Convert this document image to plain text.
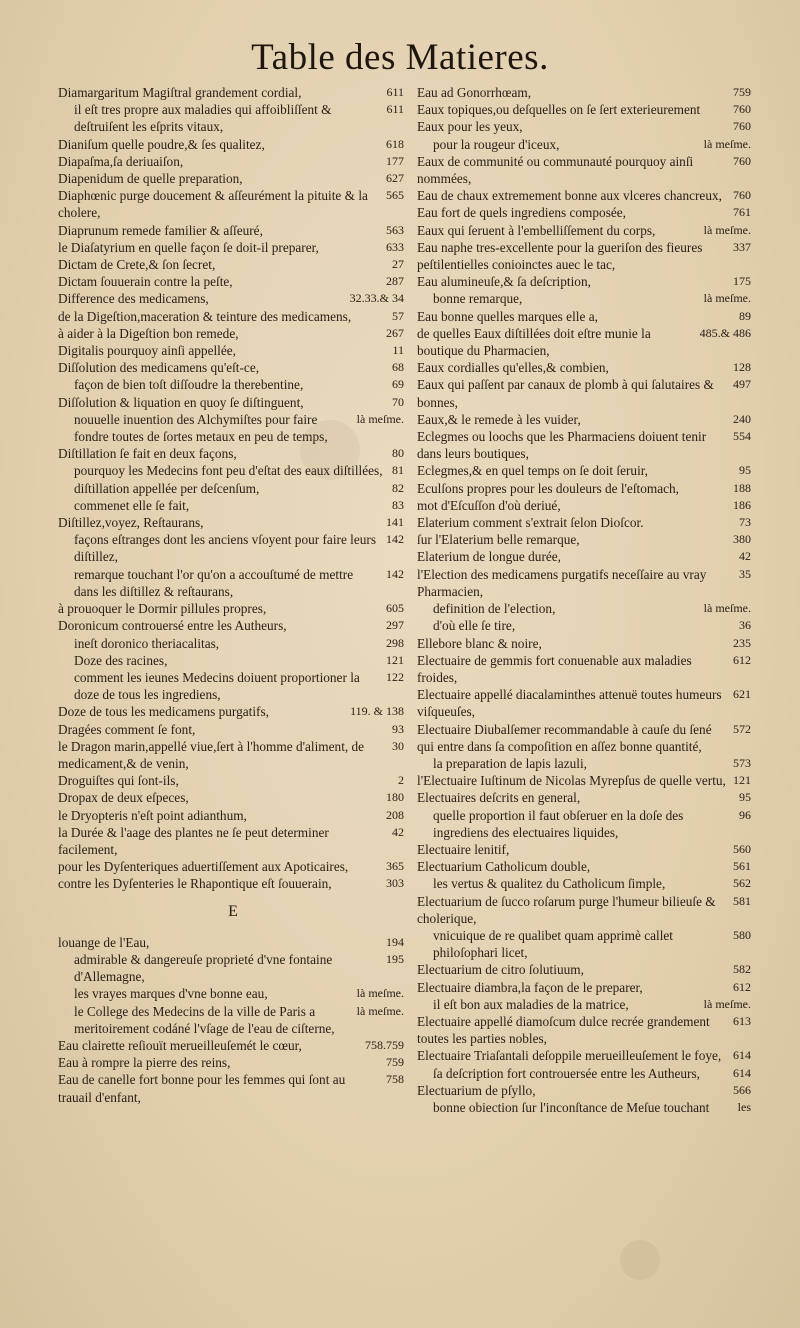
Table des Matieres.
611
Diamargaritum Magiſtral grandement cordial,
611
il eſt tres propre aux maladies qui affoibliſſent & deſtruiſent les eſprits vitaux,
618
Dianiſum quelle poudre,& ſes qualitez,
177
Diapaſma,ſa deriuaiſon,
627
Diapenidum de quelle preparation,
565
Diaphœnic purge doucement & aſſeurément la pituite & la cholere,
563
Diaprunum remede familier & aſſeuré,
633
le Diaſatyrium en quelle façon ſe doit-il preparer,
27
Dictam de Crete,& ſon ſecret,
287
Dictam ſouuerain contre la peſte,
32.33.& 34
Difference des medicamens,
57
de la Digeſtion,maceration & teinture des medicamens,
267
à aider à la Digeſtion bon remede,
11
Digitalis pourquoy ainſi appellée,
68
Diſſolution des medicamens qu'eſt-ce,
69
façon de bien toſt diſſoudre la therebentine,
70
Diſſolution & liquation en quoy ſe diſtinguent,
là meſme.
nouuelle inuention des Alchymiſtes pour faire fondre toutes de ſortes metaux en peu de temps,
80
Diſtillation ſe fait en deux façons,
81
pourquoy les Medecins font peu d'eſtat des eaux diſtillées,
82
diſtillation appellée per deſcenſum,
83
commenet elle ſe fait,
141
Diſtillez,voyez, Reſtaurans,
142
façons eſtranges dont les anciens vſoyent pour faire leurs diſtillez,
142
remarque touchant l'or qu'on a accouſtumé de mettre dans les diſtillez & reſtaurans,
605
à prouoquer le Dormir pillules propres,
297
Doronicum controuersé entre les Autheurs,
298
ineſt doronico theriacalitas,
121
Doze des racines,
122
comment les ieunes Medecins doiuent proportioner la doze de tous les ingrediens,
119. & 138
Doze de tous les medicamens purgatifs,
93
Dragées comment ſe font,
30
le Dragon marin,appellé viue,ſert à l'homme d'aliment, de medicament,& de venin,
2
Droguiſtes qui ſont-ils,
180
Dropax de deux eſpeces,
208
le Dryopteris n'eſt point adianthum,
42
la Durée & l'aage des plantes ne ſe peut determiner facilement,
365
pour les Dyſenteriques aduertiſſement aux Apoticaires,
303
contre les Dyſenteries le Rhapontique eſt ſouuerain,
E
194
louange de l'Eau,
195
admirable & dangereuſe proprieté d'vne fontaine d'Allemagne,
là meſme.
les vrayes marques d'vne bonne eau,
là meſme.
le College des Medecins de la ville de Paris a meritoirement codáné l'vſage de l'eau de ciſterne,
758.759
Eau clairette reſiouït merueilleuſemét le cœur,
759
Eau à rompre la pierre des reins,
758
Eau de canelle fort bonne pour les femmes qui ſont au trauail d'enfant,
759
Eau ad Gonorrhœam,
760
Eaux topiques,ou deſquelles on ſe ſert exterieurement
760
Eaux pour les yeux,
là meſme.
pour la rougeur d'iceux,
760
Eaux de communité ou communauté pourquoy ainſi nommées,
760
Eau de chaux extremement bonne aux vlceres chancreux,
761
Eau fort de quels ingrediens composée,
là meſme.
Eaux qui ſeruent à l'embelliſſement du corps,
337
Eau naphe tres-excellente pour la gueriſon des fieures peſtilentielles conioinctes auec le tac,
175
Eau alumineuſe,& ſa deſcription,
là meſme.
bonne remarque,
89
Eau bonne quelles marques elle a,
485.& 486
de quelles Eaux diſtillées doit eſtre munie la boutique du Pharmacien,
128
Eaux cordialles qu'elles,& combien,
497
Eaux qui paſſent par canaux de plomb à qui ſalutaires & bonnes,
240
Eaux,& le remede à les vuider,
554
Eclegmes ou loochs que les Pharmaciens doiuent tenir dans leurs boutiques,
95
Eclegmes,& en quel temps on ſe doit ſeruir,
188
Eculſons propres pour les douleurs de l'eſtomach,
186
mot d'Eſcuſſon d'où deriué,
73
Elaterium comment s'extrait ſelon Dioſcor.
380
ſur l'Elaterium belle remarque,
42
Elaterium de longue durée,
35
l'Election des medicamens purgatifs neceſſaire au vray Pharmacien,
là meſme.
definition de l'election,
36
d'où elle ſe tire,
235
Ellebore blanc & noire,
612
Electuaire de gemmis fort conuenable aux maladies froides,
621
Electuaire appellé diacalaminthes attenuë toutes humeurs viſqueuſes,
572
Electuaire Diubalſemer recommandable à cauſe du ſené qui entre dans ſa compoſition en aſſez bonne quantité,
573
la preparation de lapis lazuli,
121
l'Electuaire Iuſtinum de Nicolas Myrepſus de quelle vertu,
95
Electuaires deſcrits en general,
96
quelle proportion il faut obſeruer en la doſe des ingrediens des electuaires liquides,
560
Electuaire lenitif,
561
Electuarium Catholicum double,
562
les vertus & qualitez du Catholicum ſimple,
581
Electuarium de ſucco roſarum purge l'humeur bilieuſe & cholerique,
580
vnicuique de re qualibet quam apprimè callet philoſophari licet,
582
Electuarium de citro ſolutiuum,
612
Electuaire diambra,la façon de le preparer,
là meſme.
il eſt bon aux maladies de la matrice,
613
Electuaire appellé diamoſcum dulce recrée grandement toutes les parties nobles,
614
Electuaire Triaſantali deſoppile merueilleuſement le foye,
614
ſa deſcription fort controuersée entre les Autheurs,
566
Electuarium de pſyllo,
les
bonne obiection ſur l'inconſtance de Meſue touchant
